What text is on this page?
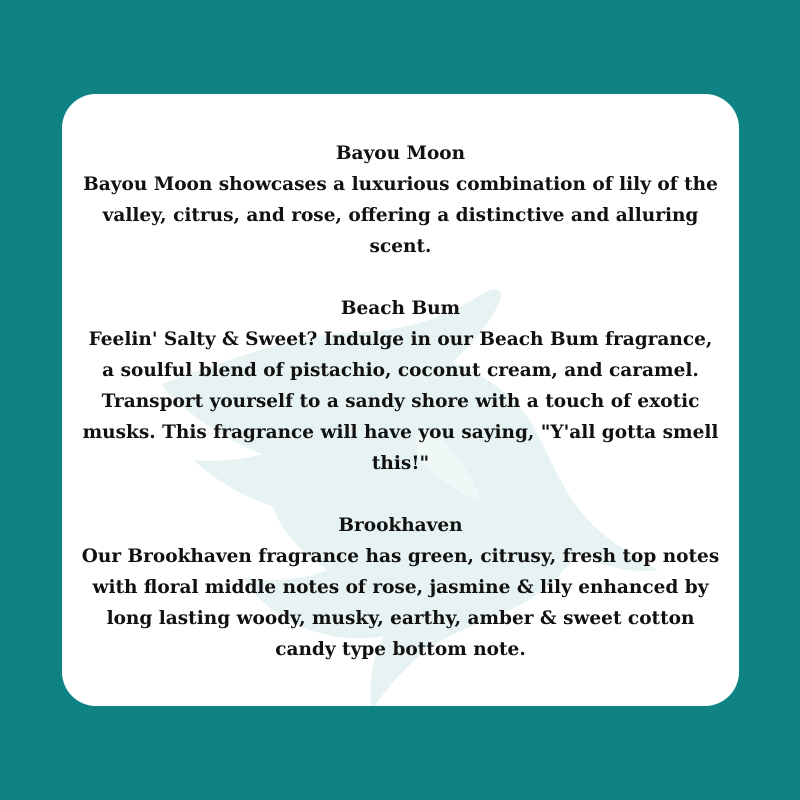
Bayou Moon
Bayou Moon showcases a luxurious combination of lily of the valley, citrus, and rose, offering a distinctive and alluring scent.
Beach Bum
Feelin' Salty & Sweet? Indulge in our Beach Bum fragrance, a soulful blend of pistachio, coconut cream, and caramel. Transport yourself to a sandy shore with a touch of exotic musks. This fragrance will have you saying, "Y'all gotta smell this!"
Brookhaven
Our Brookhaven fragrance has green, citrusy, fresh top notes with floral middle notes of rose, jasmine & lily enhanced by long lasting woody, musky, earthy, amber & sweet cotton candy type bottom note.
